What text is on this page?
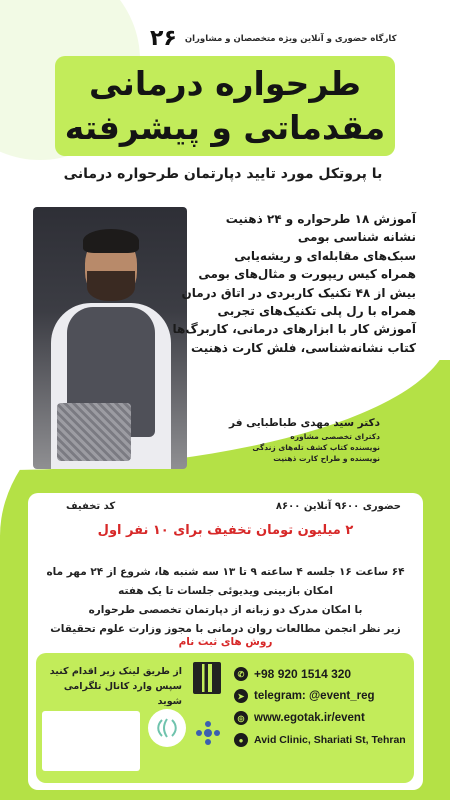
۲۶ کارگاه حضوری و آنلاین ویژه متخصصان و مشاوران
طرحواره درمانی
مقدماتی و پیشرفته
با پروتکل مورد تایید دپارتمان طرحواره درمانی
آموزش ۱۸ طرحواره و ۲۴ ذهنیت
نشانه شناسی بومی
سبک‌های مقابله‌ای و ریشه‌یابی
همراه کیس ریپورت و مثال‌های بومی
بیش از ۴۸ تکنیک کاربردی در اتاق درمان
همراه با رل پلی تکنیک‌های تجربی
آموزش کار با ابزارهای درمانی، کاربرگ‌ها
کتاب نشانه‌شناسی، فلش کارت ذهنیت
دکتر سید مهدی طباطبایی فر
دکترای تخصصی مشاوره
نویسنده کتاب کشف تله‌های زندگی
نویسنده و طراح کارت ذهنیت
حضوری ۹۶۰۰ آنلاین ۸۶۰۰
کد تخفیف
۲ میلیون تومان تخفیف برای ۱۰ نفر اول
۶۴ ساعت ۱۶ جلسه ۴ ساعته ۹ تا ۱۳ سه شنبه ها، شروع از ۲۴ مهر ماه
امکان بازبینی ویدیوئی جلسات تا یک هفته
با امکان مدرک دو زبانه از دپارتمان تخصصی طرحواره
زیر نظر انجمن مطالعات روان درمانی با مجوز وزارت علوم تحقیقات
روش های ثبت نام
از طریق لینک زیر اقدام کنید
سپس وارد کانال تلگرامی شوید
✆ +98 920 1514 320
➤ telegram: @event_reg
◎ www.egotak.ir/event
●	Avid Clinic, Shariati St, Tehran
